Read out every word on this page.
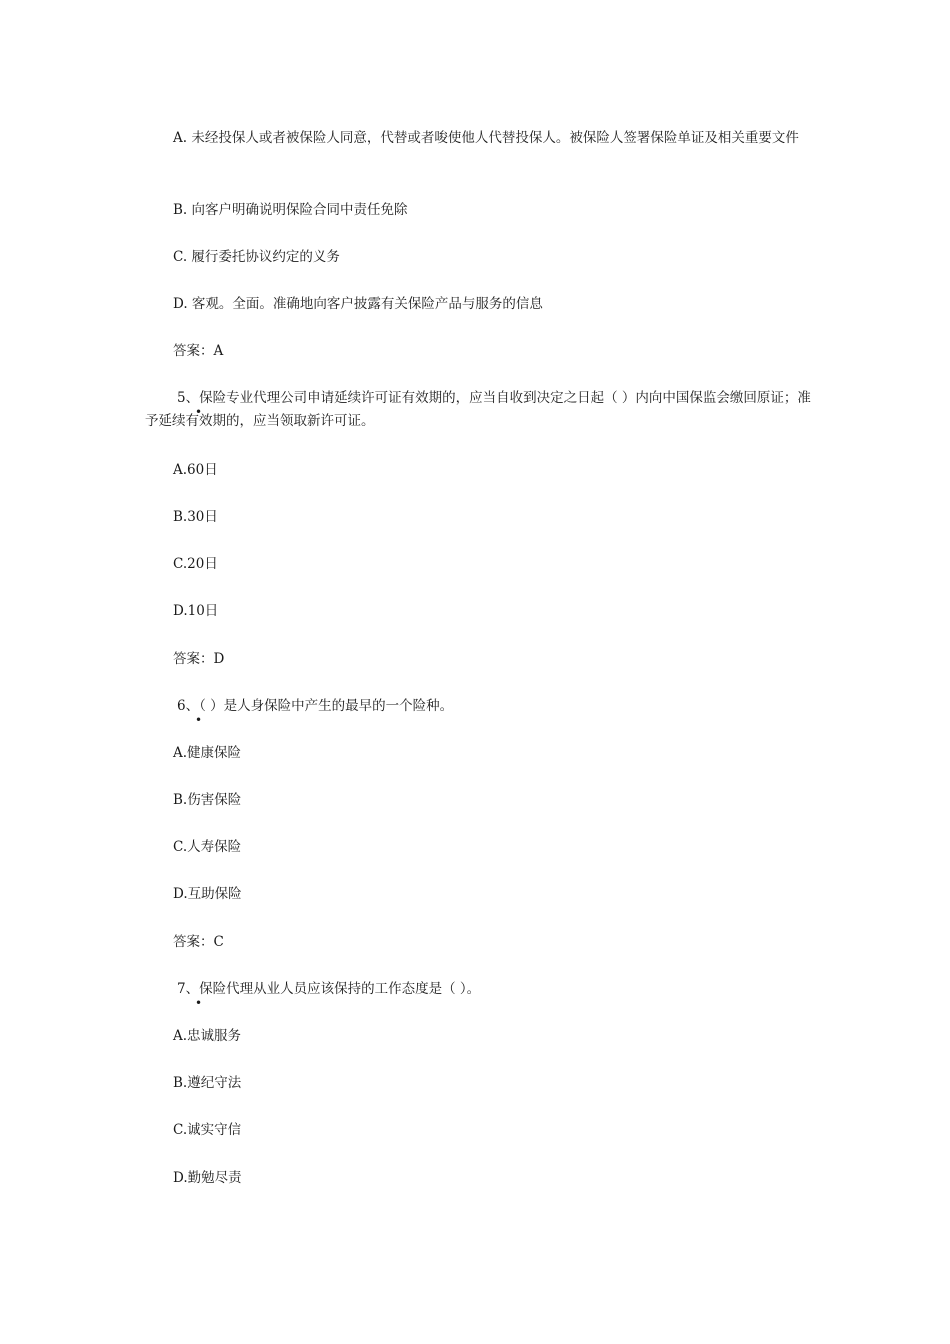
A. 未经投保人或者被保险人同意，代替或者唆使他人代替投保人。被保险人签署保险单证及相关重要文件
B. 向客户明确说明保险合同中责任免除
C. 履行委托协议约定的义务
D. 客观。全面。准确地向客户披露有关保险产品与服务的信息
答案：A
5、保险专业代理公司申请延续许可证有效期的，应当自收到决定之日起（ ）内向中国保监会缴回原证；准予延续有效期的，应当领取新许可证。
A.60日
B.30日
C.20日
D.10日
答案：D
6、（ ）是人身保险中产生的最早的一个险种。
A.健康保险
B.伤害保险
C.人寿保险
D.互助保险
答案：C
7、保险代理从业人员应该保持的工作态度是（ ）。
A.忠诚服务
B.遵纪守法
C.诚实守信
D.勤勉尽责
